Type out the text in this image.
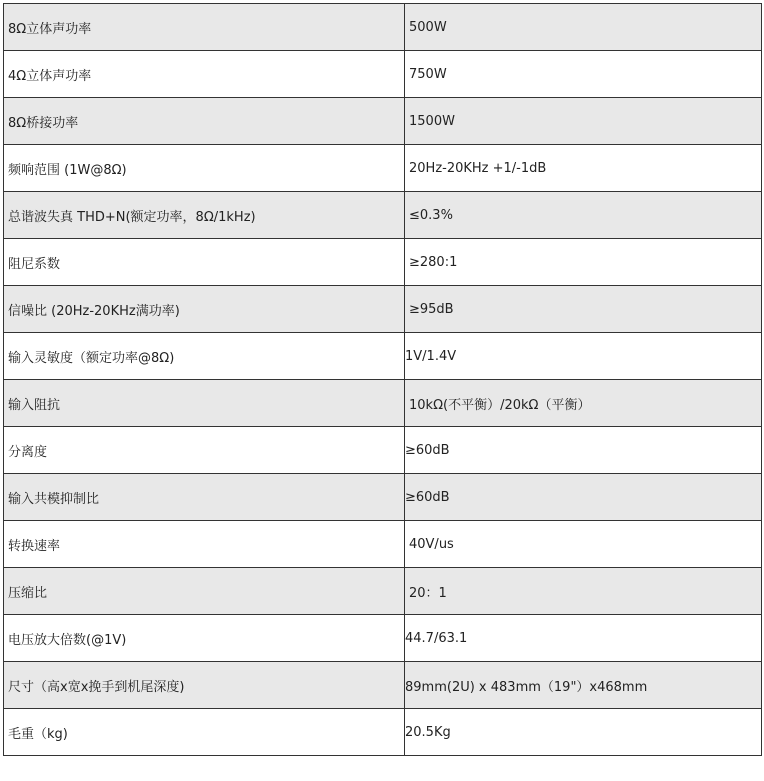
8Ω立体声功率	500W
4Ω立体声功率	750W
8Ω桥接功率	1500W
频响范围 (1W@8Ω)	20Hz-20KHz +1/-1dB
总谐波失真 THD+N(额定功率，8Ω/1kHz)	≤0.3%
阻尼系数	≥280:1
信噪比 (20Hz-20KHz满功率)	≥95dB
输入灵敏度（额定功率@8Ω)	1V/1.4V
输入阻抗	10kΩ(不平衡）/20kΩ（平衡）
分离度	≥60dB
输入共模抑制比	≥60dB
转换速率	40V/us
压缩比	20：1
电压放大倍数(@1V)	44.7/63.1
尺寸（高x宽x挽手到机尾深度)	89mm(2U) x 483mm（19"）x468mm
毛重（kg)	20.5Kg
